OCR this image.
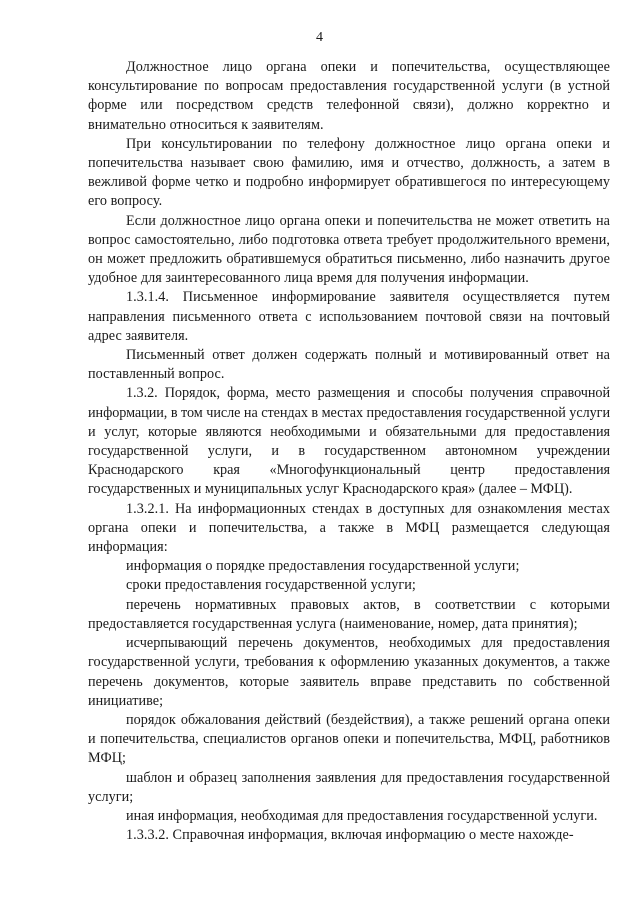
4

Должностное лицо органа опеки и попечительства, осуществляющее консультирование по вопросам предоставления государственной услуги (в устной форме или посредством средств телефонной связи), должно корректно и внимательно относиться к заявителям.

При консультировании по телефону должностное лицо органа опеки и попечительства называет свою фамилию, имя и отчество, должность, а затем в вежливой форме четко и подробно информирует обратившегося по интересующему его вопросу.

Если должностное лицо органа опеки и попечительства не может ответить на вопрос самостоятельно, либо подготовка ответа требует продолжительного времени, он может предложить обратившемуся обратиться письменно, либо назначить другое удобное для заинтересованного лица время для получения информации.

1.3.1.4. Письменное информирование заявителя осуществляется путем направления письменного ответа с использованием почтовой связи на почтовый адрес заявителя.

Письменный ответ должен содержать полный и мотивированный ответ на поставленный вопрос.

1.3.2. Порядок, форма, место размещения и способы получения справочной информации, в том числе на стендах в местах предоставления государственной услуги и услуг, которые являются необходимыми и обязательными для предоставления государственной услуги, и в государственном автономном учреждении Краснодарского края «Многофункциональный центр предоставления государственных и муниципальных услуг Краснодарского края» (далее – МФЦ).

1.3.2.1. На информационных стендах в доступных для ознакомления местах органа опеки и попечительства, а также в МФЦ размещается следующая информация:

информация о порядке предоставления государственной услуги;

сроки предоставления государственной услуги;

перечень нормативных правовых актов, в соответствии с которыми предоставляется государственная услуга (наименование, номер, дата принятия);

исчерпывающий перечень документов, необходимых для предоставления государственной услуги, требования к оформлению указанных документов, а также перечень документов, которые заявитель вправе представить по собственной инициативе;

порядок обжалования действий (бездействия), а также решений органа опеки и попечительства, специалистов органов опеки и попечительства, МФЦ, работников МФЦ;

шаблон и образец заполнения заявления для предоставления государственной услуги;

иная информация, необходимая для предоставления государственной услуги.

1.3.3.2. Справочная информация, включая информацию о месте нахожде-
